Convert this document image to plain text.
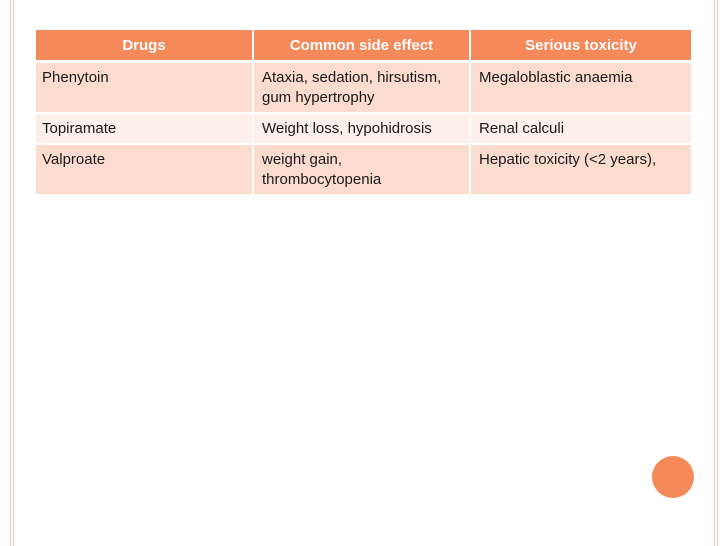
Drugs	Common side effect	Serious toxicity
Phenytoin	Ataxia, sedation, hirsutism, gum hypertrophy	Megaloblastic anaemia
Topiramate	Weight loss, hypohidrosis	Renal calculi
Valproate	weight gain, thrombocytopenia	Hepatic toxicity (<2 years),
